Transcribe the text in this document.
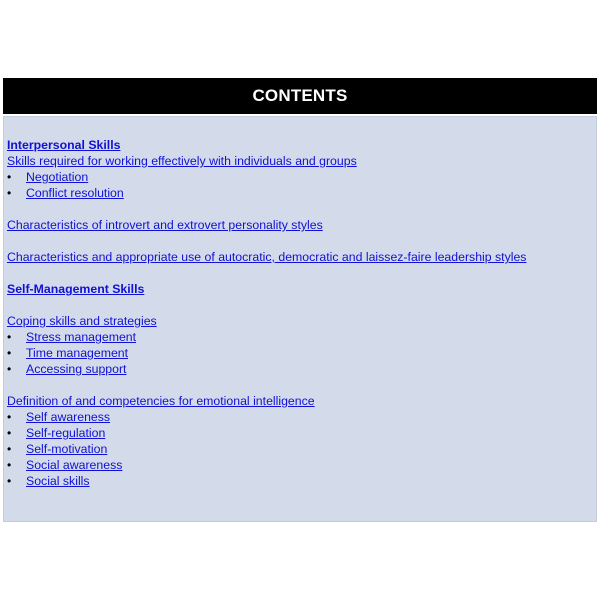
CONTENTS
Interpersonal Skills
Skills required for working effectively with individuals and groups
• Negotiation
• Conflict resolution
Characteristics of introvert and extrovert personality styles
Characteristics and appropriate use of autocratic, democratic and laissez-faire leadership styles
Self-Management Skills
Coping skills and strategies
• Stress management
• Time management
• Accessing support
Definition of and competencies for emotional intelligence
• Self awareness
• Self-regulation
• Self-motivation
• Social awareness
• Social skills
